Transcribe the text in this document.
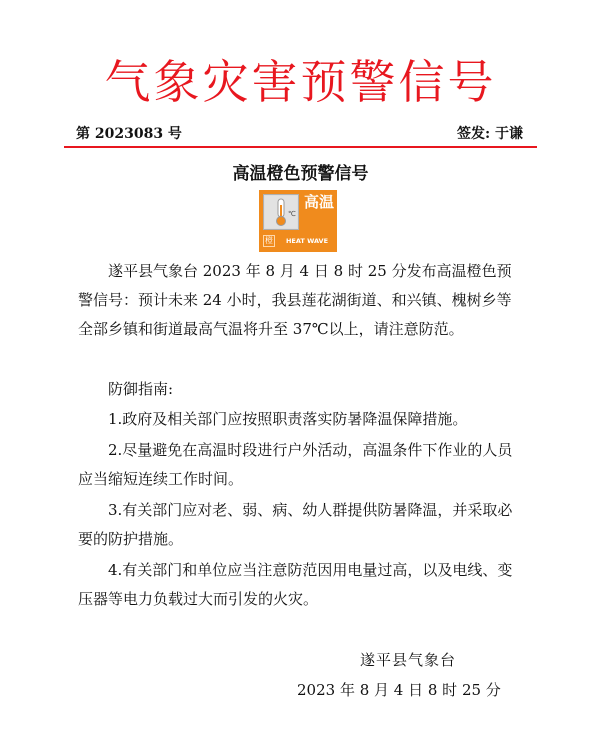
气象灾害预警信号
第 2023083 号	签发: 于谦
高温橙色预警信号
℃
高温
橙	HEAT WAVE

遂平县气象台 2023 年 8 月 4 日 8 时 25 分发布高温橙色预警信号：预计未来 24 小时，我县莲花湖街道、和兴镇、槐树乡等全部乡镇和街道最高气温将升至 37℃以上，请注意防范。

防御指南:

1.政府及相关部门应按照职责落实防暑降温保障措施。

2.尽量避免在高温时段进行户外活动，高温条件下作业的人员应当缩短连续工作时间。

3.有关部门应对老、弱、病、幼人群提供防暑降温，并采取必要的防护措施。

4.有关部门和单位应当注意防范因用电量过高，以及电线、变压器等电力负载过大而引发的火灾。

遂平县气象台
2023 年 8 月 4 日 8 时 25 分
